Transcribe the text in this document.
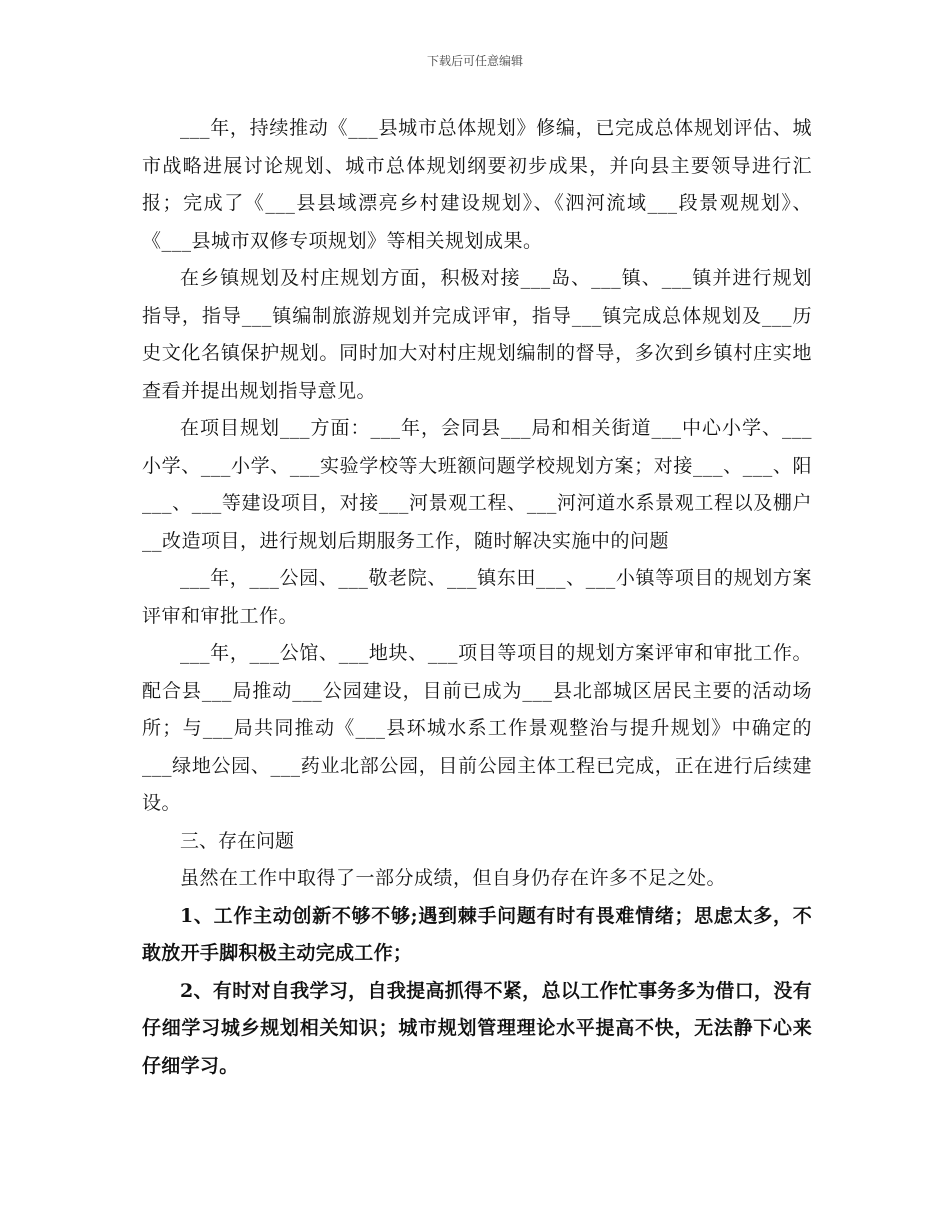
下载后可任意编辑

___年，持续推动《___县城市总体规划》修编，已完成总体规划评估、城市战略进展讨论规划、城市总体规划纲要初步成果，并向县主要领导进行汇报；完成了《___县县域漂亮乡村建设规划》、《泗河流域___段景观规划》、《___县城市双修专项规划》等相关规划成果。

在乡镇规划及村庄规划方面，积极对接___岛、___镇、___镇并进行规划指导，指导___镇编制旅游规划并完成评审，指导___镇完成总体规划及___历史文化名镇保护规划。同时加大对村庄规划编制的督导，多次到乡镇村庄实地查看并提出规划指导意见。

在项目规划___方面：___年，会同县___局和相关街道___中心小学、___小学、___小学、___实验学校等大班额问题学校规划方案；对接___、___、阳___、___等建设项目，对接___河景观工程、___河河道水系景观工程以及棚户__改造项目，进行规划后期服务工作，随时解决实施中的问题

___年，___公园、___敬老院、___镇东田___、___小镇等项目的规划方案评审和审批工作。

___年，___公馆、___地块、___项目等项目的规划方案评审和审批工作。配合县___局推动___公园建设，目前已成为___县北部城区居民主要的活动场所；与___局共同推动《___县环城水系工作景观整治与提升规划》中确定的___绿地公园、___药业北部公园，目前公园主体工程已完成，正在进行后续建设。

三、存在问题

虽然在工作中取得了一部分成绩，但自身仍存在许多不足之处。

1、工作主动创新不够不够;遇到棘手问题有时有畏难情绪；思虑太多，不敢放开手脚积极主动完成工作；

2、有时对自我学习，自我提高抓得不紧，总以工作忙事务多为借口，没有仔细学习城乡规划相关知识；城市规划管理理论水平提高不快，无法静下心来仔细学习。
